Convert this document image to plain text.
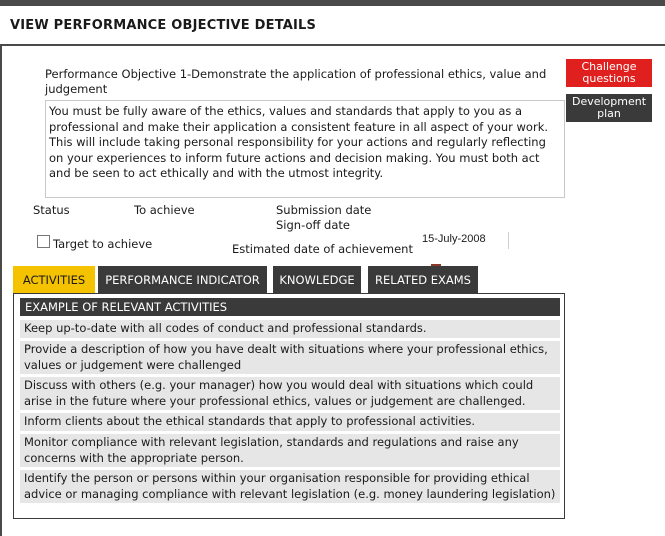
VIEW PERFORMANCE OBJECTIVE DETAILS
Performance Objective 1-Demonstrate the application of professional ethics, value and judgement
You must be fully aware of the ethics, values and standards that apply to you as a professional and make their application a consistent feature in all aspect of your work. This will include taking personal responsibility for your actions and regularly reflecting on your experiences to inform future actions and decision making. You must both act and be seen to act ethically and with the utmost integrity.
Challenge
questions
Development
plan
Status	To achieve	Submission date
Sign-off date
Target to achieve	Estimated date of achievement
15-July-2008
ACTIVITIES	PERFORMANCE INDICATOR	KNOWLEDGE	RELATED EXAMS
EXAMPLE OF RELEVANT ACTIVITIES
Keep up-to-date with all codes of conduct and professional standards.
Provide a description of how you have dealt with situations where your professional ethics, values or judgement were challenged
Discuss with others (e.g. your manager) how you would deal with situations which could arise in the future where your professional ethics, values or judgement are challenged.
Inform clients about the ethical standards that apply to professional activities.
Monitor compliance with relevant legislation, standards and regulations and raise any concerns with the appropriate person.
Identify the person or persons within your organisation responsible for providing ethical advice or managing compliance with relevant legislation (e.g. money laundering legislation)
